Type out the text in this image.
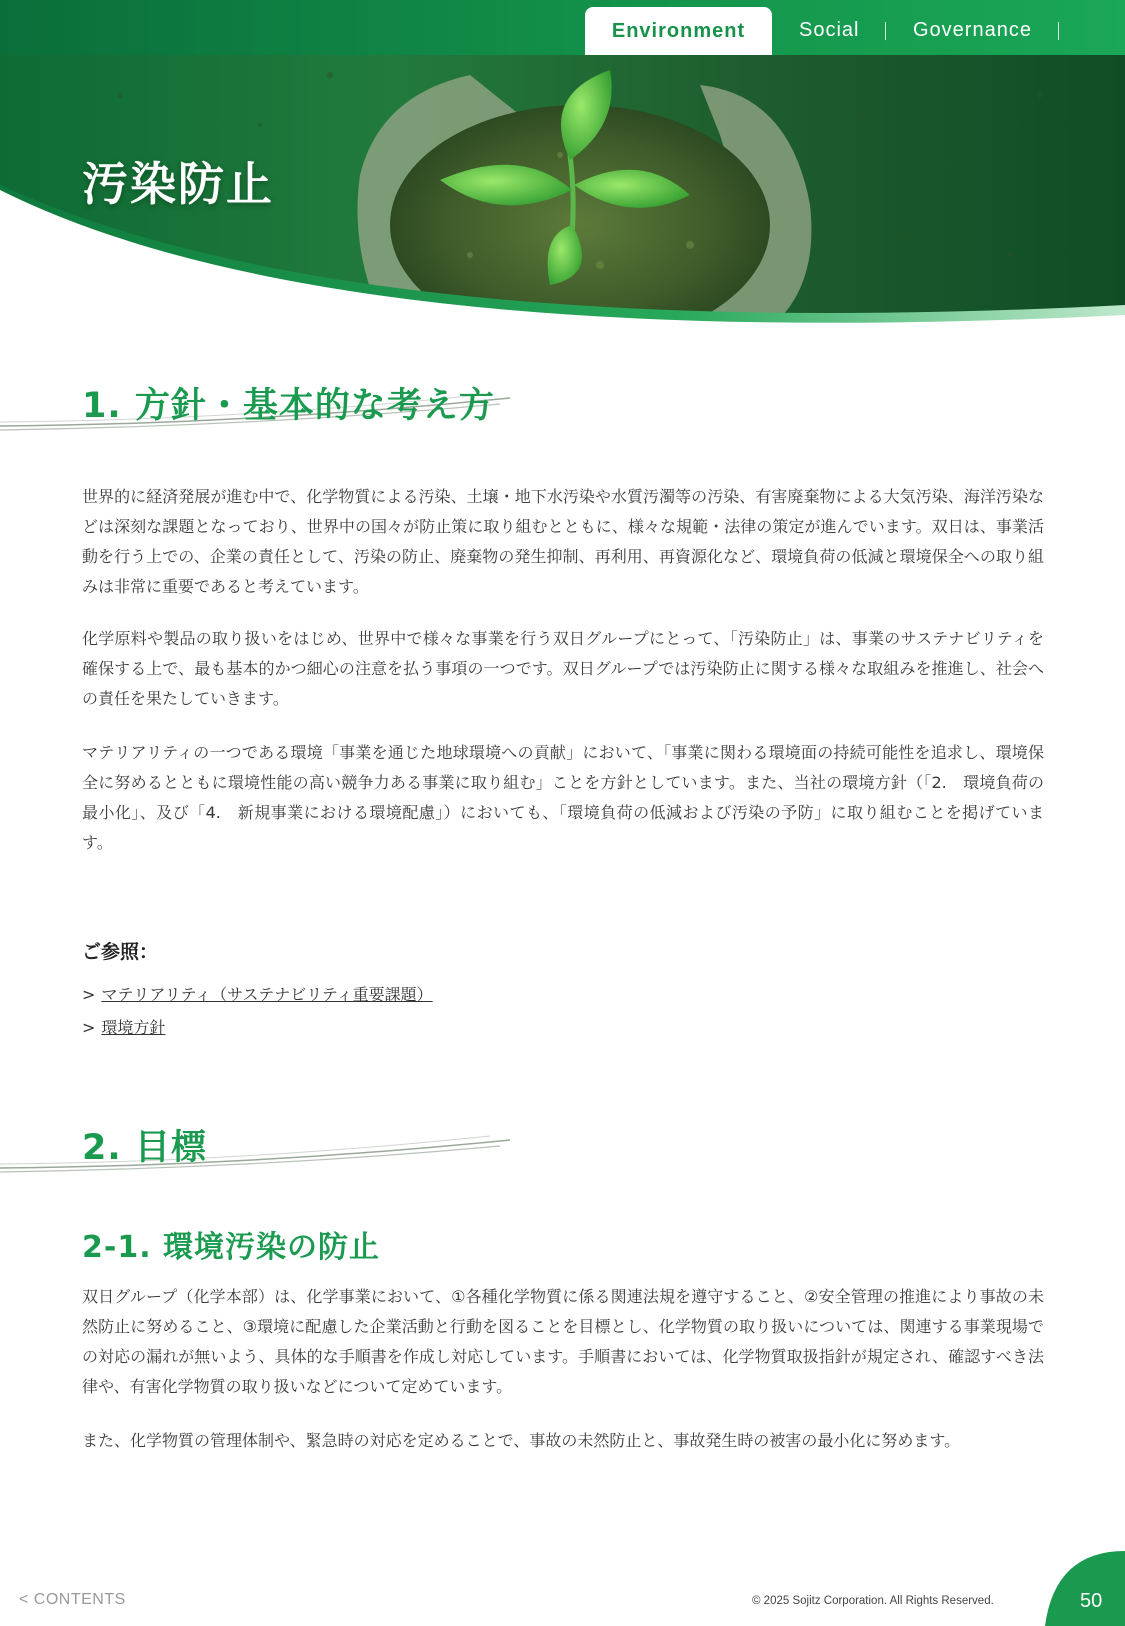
Environment	Social	Governance
汚染防止
1. 方針・基本的な考え方

世界的に経済発展が進む中で、化学物質による汚染、土壌・地下水汚染や水質汚濁等の汚染、有害廃棄物による大気汚染、海洋汚染などは深刻な課題となっており、世界中の国々が防止策に取り組むとともに、様々な規範・法律の策定が進んでいます。双日は、事業活動を行う上での、企業の責任として、汚染の防止、廃棄物の発生抑制、再利用、再資源化など、環境負荷の低減と環境保全への取り組みは非常に重要であると考えています。

化学原料や製品の取り扱いをはじめ、世界中で様々な事業を行う双日グループにとって、「汚染防止」は、事業のサステナビリティを確保する上で、最も基本的かつ細心の注意を払う事項の一つです。双日グループでは汚染防止に関する様々な取組みを推進し、社会への責任を果たしていきます。

マテリアリティの一つである環境「事業を通じた地球環境への貢献」において、「事業に関わる環境面の持続可能性を追求し、環境保全に努めるとともに環境性能の高い競争力ある事業に取り組む」ことを方針としています。また、当社の環境方針（「2.　環境負荷の最小化」、及び「4.　新規事業における環境配慮」）においても、「環境負荷の低減および汚染の予防」に取り組むことを掲げています。

ご参照：
> マテリアリティ（サステナビリティ重要課題）
> 環境方針
2. 目標
2-1. 環境汚染の防止

双日グループ（化学本部）は、化学事業において、①各種化学物質に係る関連法規を遵守すること、②安全管理の推進により事故の未然防止に努めること、③環境に配慮した企業活動と行動を図ることを目標とし、化学物質の取り扱いについては、関連する事業現場での対応の漏れが無いよう、具体的な手順書を作成し対応しています。手順書においては、化学物質取扱指針が規定され、確認すべき法律や、有害化学物質の取り扱いなどについて定めています。

また、化学物質の管理体制や、緊急時の対応を定めることで、事故の未然防止と、事故発生時の被害の最小化に努めます。

< CONTENTS	© 2025 Sojitz Corporation. All Rights Reserved.	50
